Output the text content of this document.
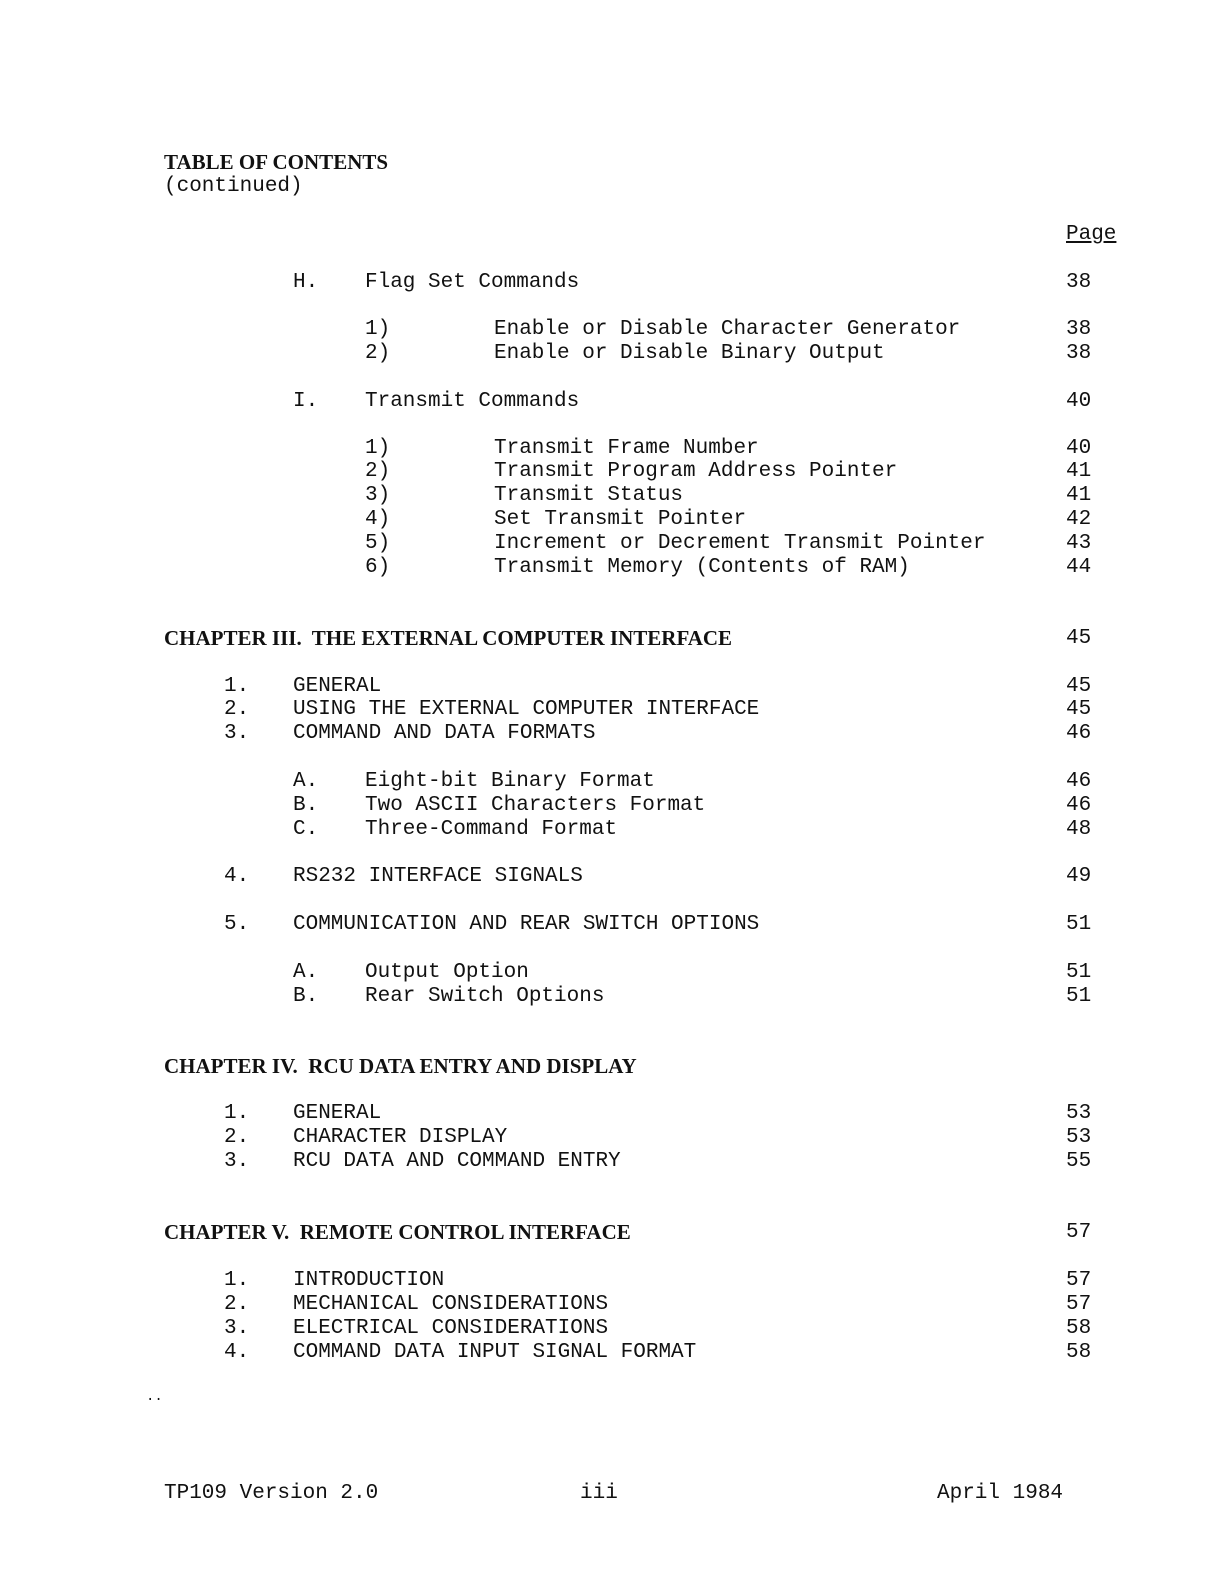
TABLE OF CONTENTS
(continued)
Page
H. Flag Set Commands	38
1)	Enable or Disable Character Generator	38
2)	Enable or Disable Binary Output	38
I. Transmit Commands	40
1)	Transmit Frame Number	40
2)	Transmit Program Address Pointer	41
3)	Transmit Status	41
4)	Set Transmit Pointer	42
5)	Increment or Decrement Transmit Pointer	43
6)	Transmit Memory (Contents of RAM)	44
CHAPTER III.  THE EXTERNAL COMPUTER INTERFACE	45
1. GENERAL	45
2. USING THE EXTERNAL COMPUTER INTERFACE	45
3. COMMAND AND DATA FORMATS	46
A. Eight-bit Binary Format	46
B. Two ASCII Characters Format	46
C. Three-Command Format	48
4. RS232 INTERFACE SIGNALS	49
5. COMMUNICATION AND REAR SWITCH OPTIONS	51
A. Output Option	51
B. Rear Switch Options	51
CHAPTER IV.  RCU DATA ENTRY AND DISPLAY
1. GENERAL	53
2. CHARACTER DISPLAY	53
3. RCU DATA AND COMMAND ENTRY	55
CHAPTER V.  REMOTE CONTROL INTERFACE	57
1. INTRODUCTION	57
2. MECHANICAL CONSIDERATIONS	57
3. ELECTRICAL CONSIDERATIONS	58
4. COMMAND DATA INPUT SIGNAL FORMAT	58
··
TP109 Version 2.0	iii	April 1984
